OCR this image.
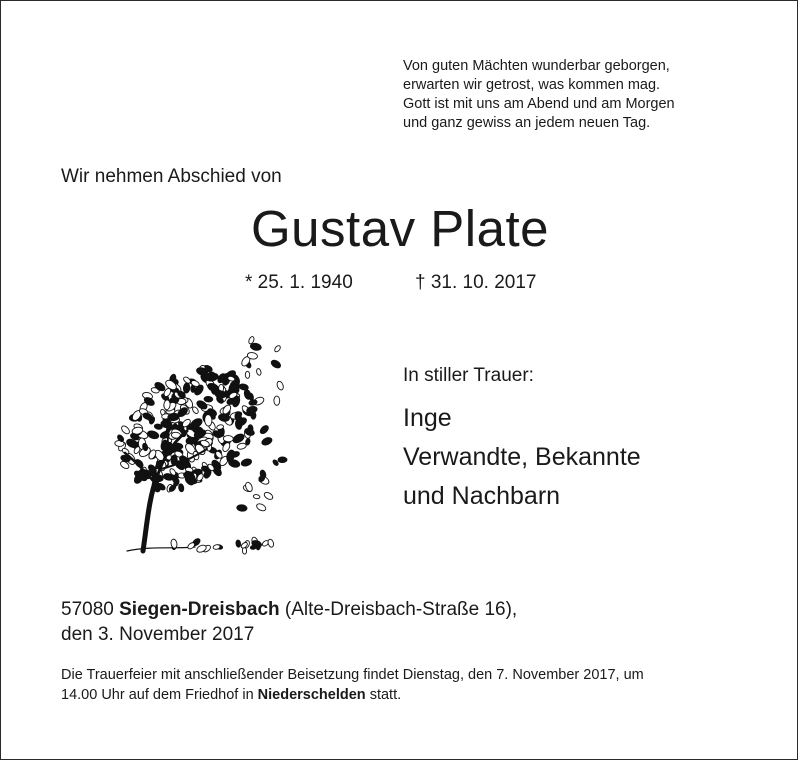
Von guten Mächten wunderbar geborgen,
erwarten wir getrost, was kommen mag.
Gott ist mit uns am Abend und am Morgen
und ganz gewiss an jedem neuen Tag.
Wir nehmen Abschied von
Gustav Plate
* 25. 1. 1940	† 31. 10. 2017
In stiller Trauer:
Inge
Verwandte, Bekannte
und Nachbarn
57080 Siegen-Dreisbach (Alte-Dreisbach-Straße 16),
den 3. November 2017
Die Trauerfeier mit anschließender Beisetzung findet Dienstag, den 7. November 2017, um
14.00 Uhr auf dem Friedhof in Niederschelden statt.
